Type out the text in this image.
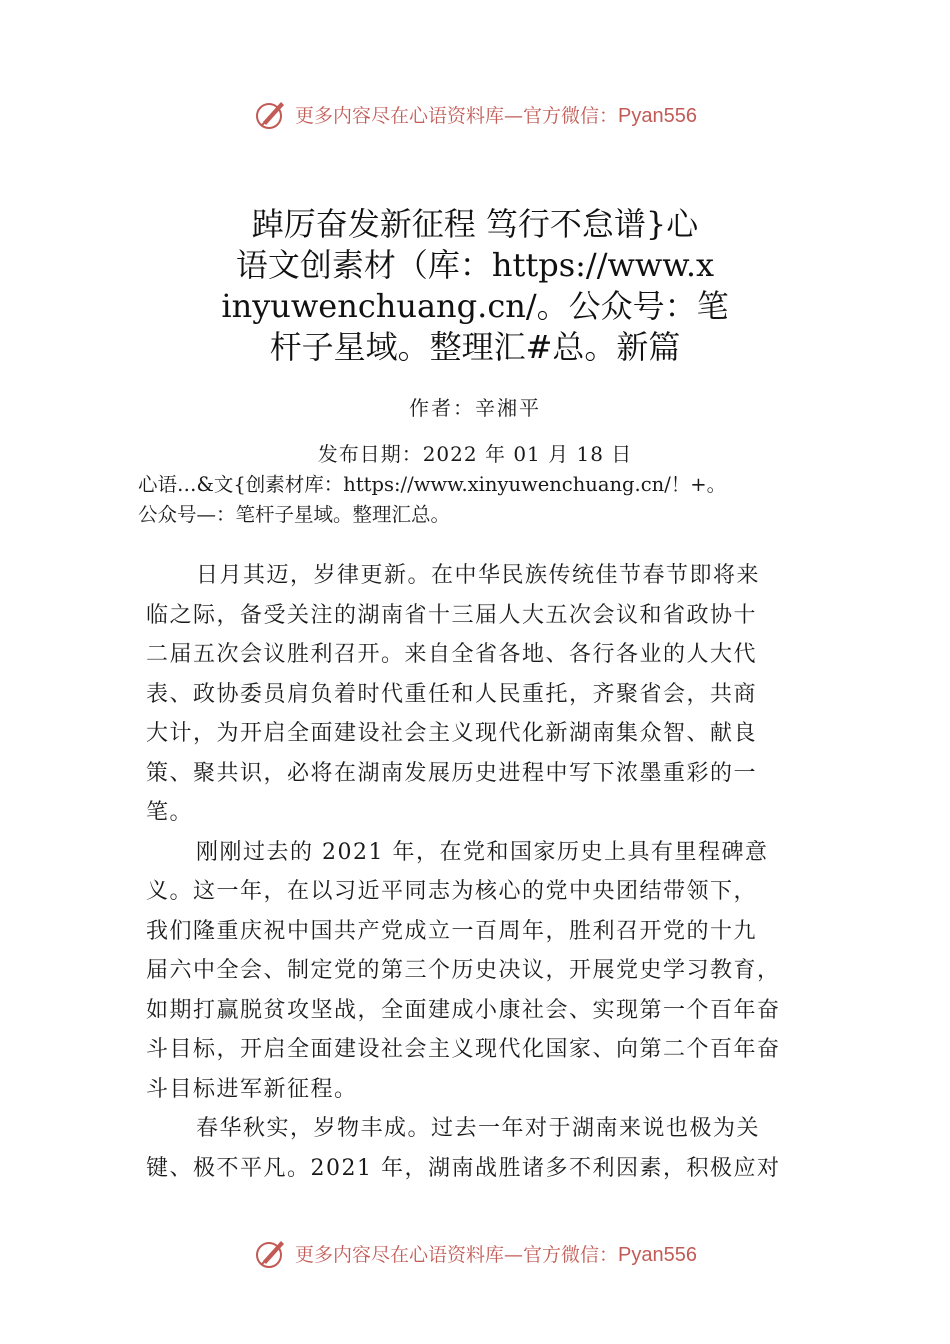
更多内容尽在心语资料库—官方微信：Pyan556
踔厉奋发新征程 笃行不怠谱}心
语文创素材（库：https://www.x
inyuwenchuang.cn/。公众号：笔
杆子星域。整理汇#总。新篇
作者：辛湘平
发布日期：2022 年 01 月 18 日
心语…&文{创素材库：https://www.xinyuwenchuang.cn/！+。
公众号—：笔杆子星域。整理汇总。
日月其迈，岁律更新。在中华民族传统佳节春节即将来
临之际，备受关注的湖南省十三届人大五次会议和省政协十
二届五次会议胜利召开。来自全省各地、各行各业的人大代
表、政协委员肩负着时代重任和人民重托，齐聚省会，共商
大计，为开启全面建设社会主义现代化新湖南集众智、献良
策、聚共识，必将在湖南发展历史进程中写下浓墨重彩的一
笔。
刚刚过去的 2021 年，在党和国家历史上具有里程碑意
义。这一年，在以习近平同志为核心的党中央团结带领下，
我们隆重庆祝中国共产党成立一百周年，胜利召开党的十九
届六中全会、制定党的第三个历史决议，开展党史学习教育，
如期打赢脱贫攻坚战，全面建成小康社会、实现第一个百年奋
斗目标，开启全面建设社会主义现代化国家、向第二个百年奋
斗目标进军新征程。
春华秋实，岁物丰成。过去一年对于湖南来说也极为关
键、极不平凡。2021 年，湖南战胜诸多不利因素，积极应对
更多内容尽在心语资料库—官方微信：Pyan556
